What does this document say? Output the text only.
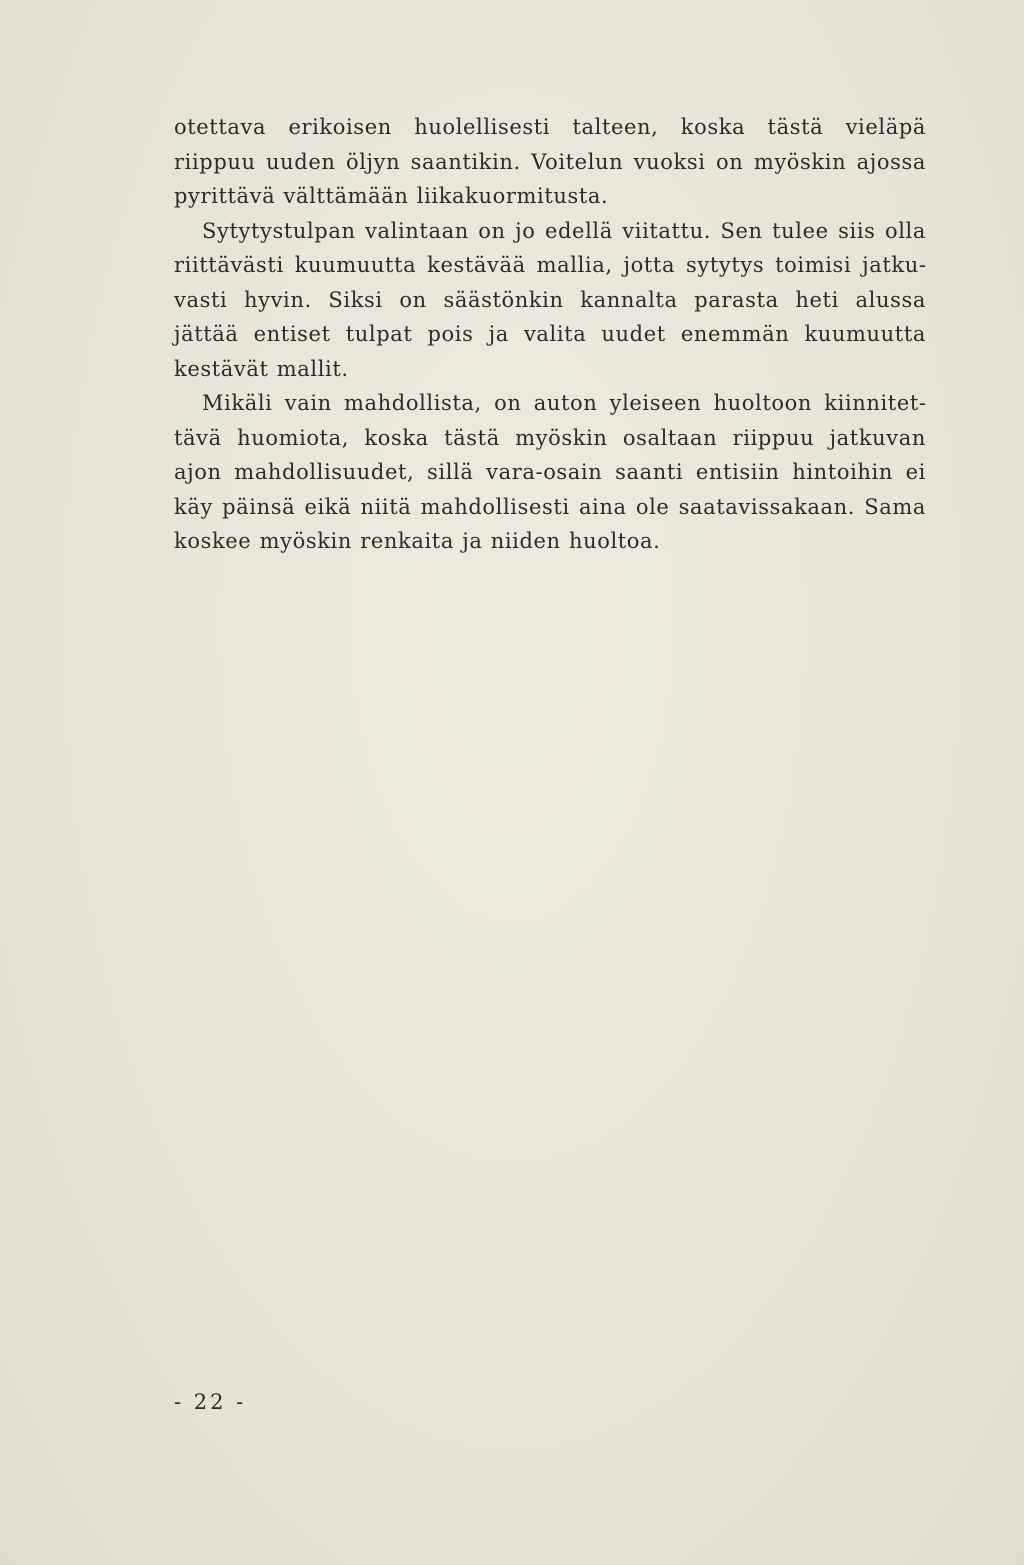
otettava erikoisen huolellisesti talteen, koska tästä vieläpä riippuu uuden öljyn saantikin. Voitelun vuoksi on myöskin ajossa pyrittävä välttämään liikakuormitusta.

Sytytystulpan valintaan on jo edellä viitattu. Sen tulee siis olla riittävästi kuumuutta kestävää mallia, jotta sytytys toimisi jatkuvasti hyvin. Siksi on säästönkin kannalta parasta heti alussa jättää entiset tulpat pois ja valita uudet enemmän kuumuutta kestävät mallit.

Mikäli vain mahdollista, on auton yleiseen huoltoon kiinnitettävä huomiota, koska tästä myöskin osaltaan riippuu jatkuvan ajon mahdollisuudet, sillä vara-osain saanti entisiin hintoihin ei käy päinsä eikä niitä mahdollisesti aina ole saatavissakaan. Sama koskee myöskin renkaita ja niiden huoltoa.

- 22 -
